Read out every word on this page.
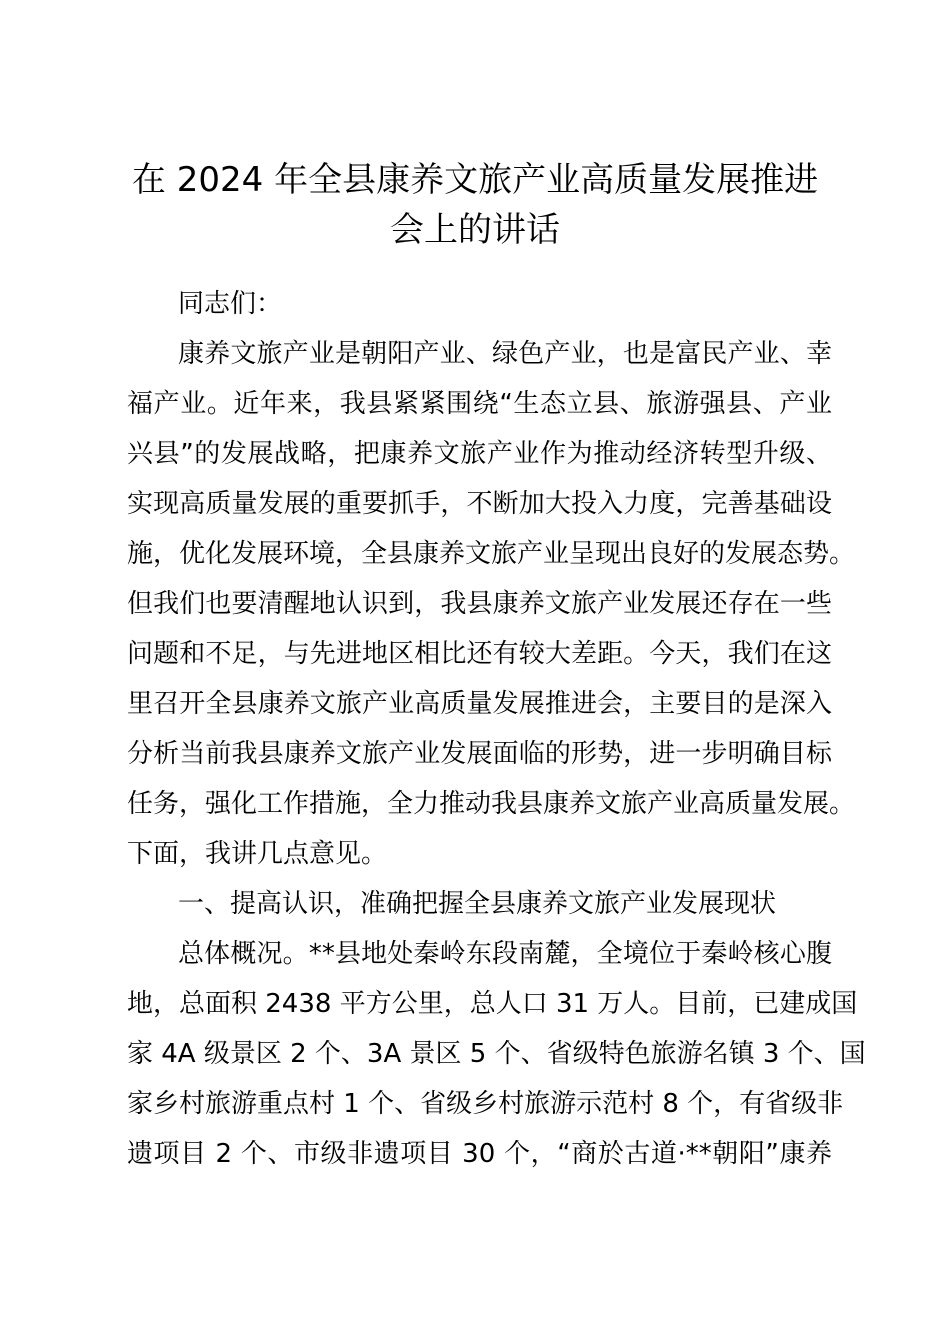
在 2024 年全县康养文旅产业高质量发展推进
会上的讲话

同志们：

康养文旅产业是朝阳产业、绿色产业，也是富民产业、幸

福产业。近年来，我县紧紧围绕“生态立县、旅游强县、产业

兴县”的发展战略，把康养文旅产业作为推动经济转型升级、

实现高质量发展的重要抓手，不断加大投入力度，完善基础设

施，优化发展环境，全县康养文旅产业呈现出良好的发展态势。

但我们也要清醒地认识到，我县康养文旅产业发展还存在一些

问题和不足，与先进地区相比还有较大差距。今天，我们在这

里召开全县康养文旅产业高质量发展推进会，主要目的是深入

分析当前我县康养文旅产业发展面临的形势，进一步明确目标

任务，强化工作措施，全力推动我县康养文旅产业高质量发展。

下面，我讲几点意见。

一、提高认识，准确把握全县康养文旅产业发展现状

总体概况。**县地处秦岭东段南麓，全境位于秦岭核心腹

地，总面积 2438 平方公里，总人口 31 万人。目前，已建成国

家 4A 级景区 2 个、3A 景区 5 个、省级特色旅游名镇 3 个、国

家乡村旅游重点村 1 个、省级乡村旅游示范村 8 个，有省级非

遗项目 2 个、市级非遗项目 30 个，“商於古道·**朝阳”康养
